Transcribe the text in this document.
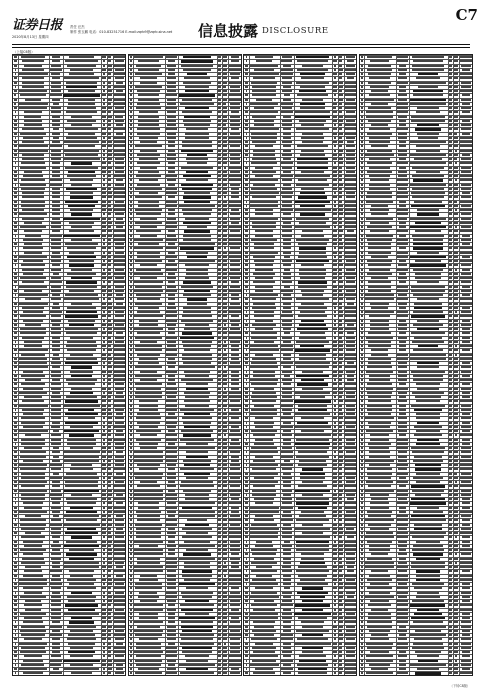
证券日报
2020年8月13日 星期四
责任 汪杰
制作 张玉鹏 电话：010-83251716 E-mail:zqrb9@zqrb.sina.net 信息披露 DISCLOSURE
C7
（上接C6版）
（下转C8版）
